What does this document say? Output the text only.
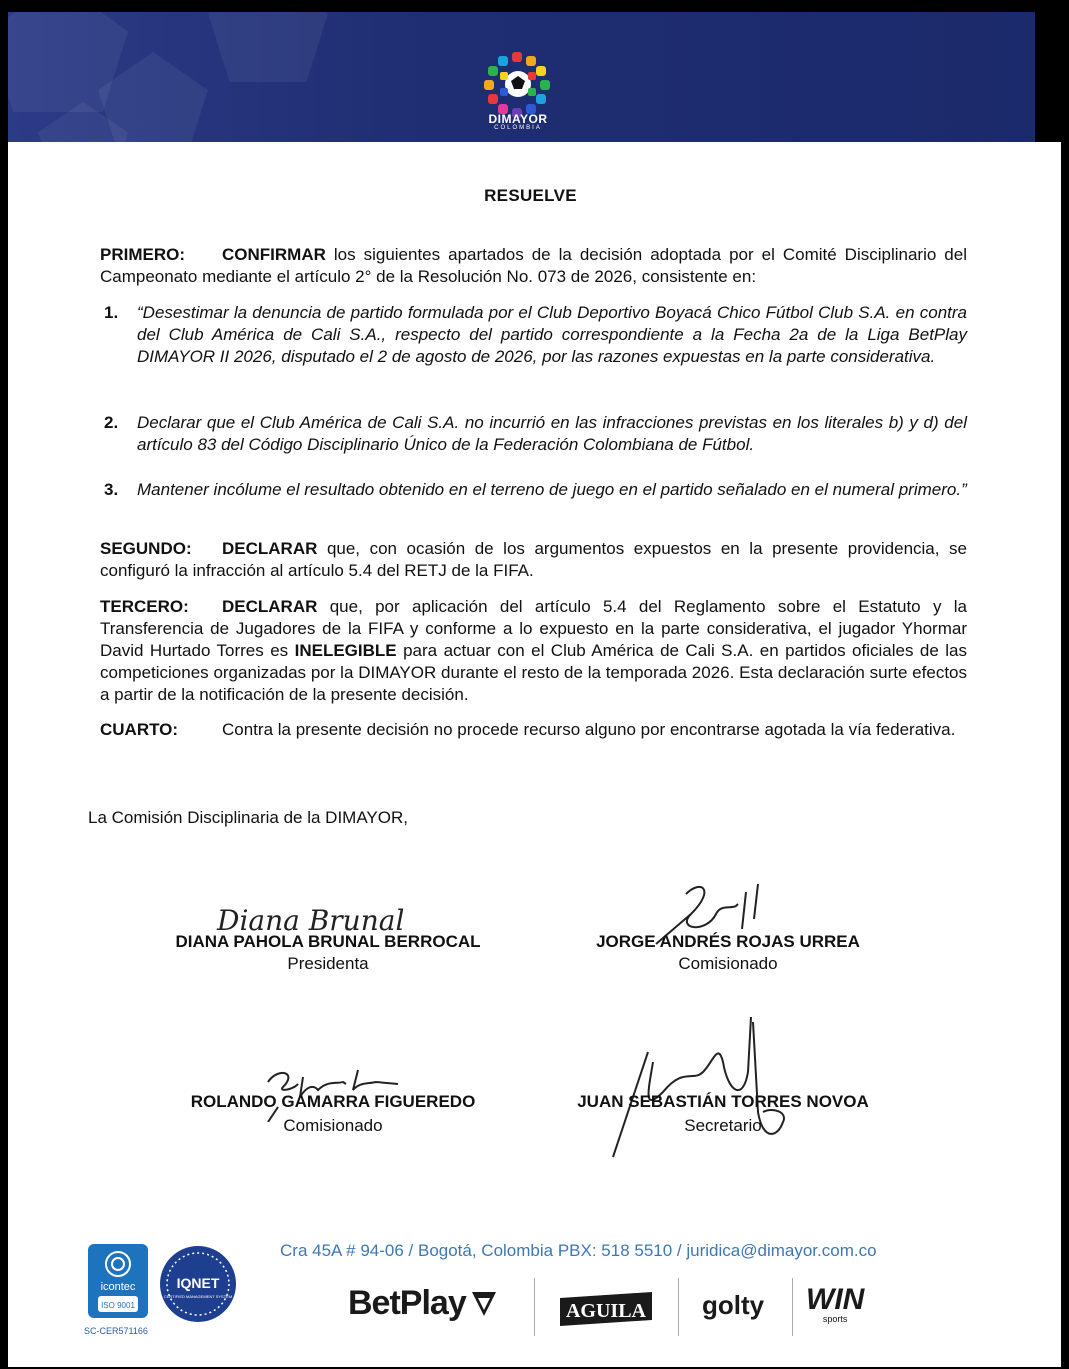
DIMAYOR
COLOMBIA
RESUELVE
PRIMERO: CONFIRMAR los siguientes apartados de la decisión adoptada por el Comité Disciplinario del Campeonato mediante el artículo 2° de la Resolución No. 073 de 2026, consistente en:
1. “Desestimar la denuncia de partido formulada por el Club Deportivo Boyacá Chico Fútbol Club S.A. en contra del Club América de Cali S.A., respecto del partido correspondiente a la Fecha 2a de la Liga BetPlay DIMAYOR II 2026, disputado el 2 de agosto de 2026, por las razones expuestas en la parte considerativa.
2. Declarar que el Club América de Cali S.A. no incurrió en las infracciones previstas en los literales b) y d) del artículo 83 del Código Disciplinario Único de la Federación Colombiana de Fútbol.
3. Mantener incólume el resultado obtenido en el terreno de juego en el partido señalado en el numeral primero.”
SEGUNDO: DECLARAR que, con ocasión de los argumentos expuestos en la presente providencia, se configuró la infracción al artículo 5.4 del RETJ de la FIFA.
TERCERO: DECLARAR que, por aplicación del artículo 5.4 del Reglamento sobre el Estatuto y la Transferencia de Jugadores de la FIFA y conforme a lo expuesto en la parte considerativa, el jugador Yhormar David Hurtado Torres es INELEGIBLE para actuar con el Club América de Cali S.A. en partidos oficiales de las competiciones organizadas por la DIMAYOR durante el resto de la temporada 2026. Esta declaración surte efectos a partir de la notificación de la presente decisión.
CUARTO:	Contra la presente decisión no procede recurso alguno por encontrarse agotada la vía federativa.
La Comisión Disciplinaria de la DIMAYOR,
Diana Brunal
DIANA PAHOLA BRUNAL BERROCAL
Presidenta
JORGE ANDRÉS ROJAS URREA
Comisionado
ROLANDO GAMARRA FIGUEREDO
Comisionado
JUAN SEBASTIÁN TORRES NOVOA
Secretario
Cra 45A # 94-06 / Bogotá, Colombia PBX: 518 5510 / juridica@dimayor.com.co
icontec
ISO 9001
IQNET
CERTIFIED MANAGEMENT SYSTEM
SC-CER571166
BetPlay	AGUILA golty WIN
sports
